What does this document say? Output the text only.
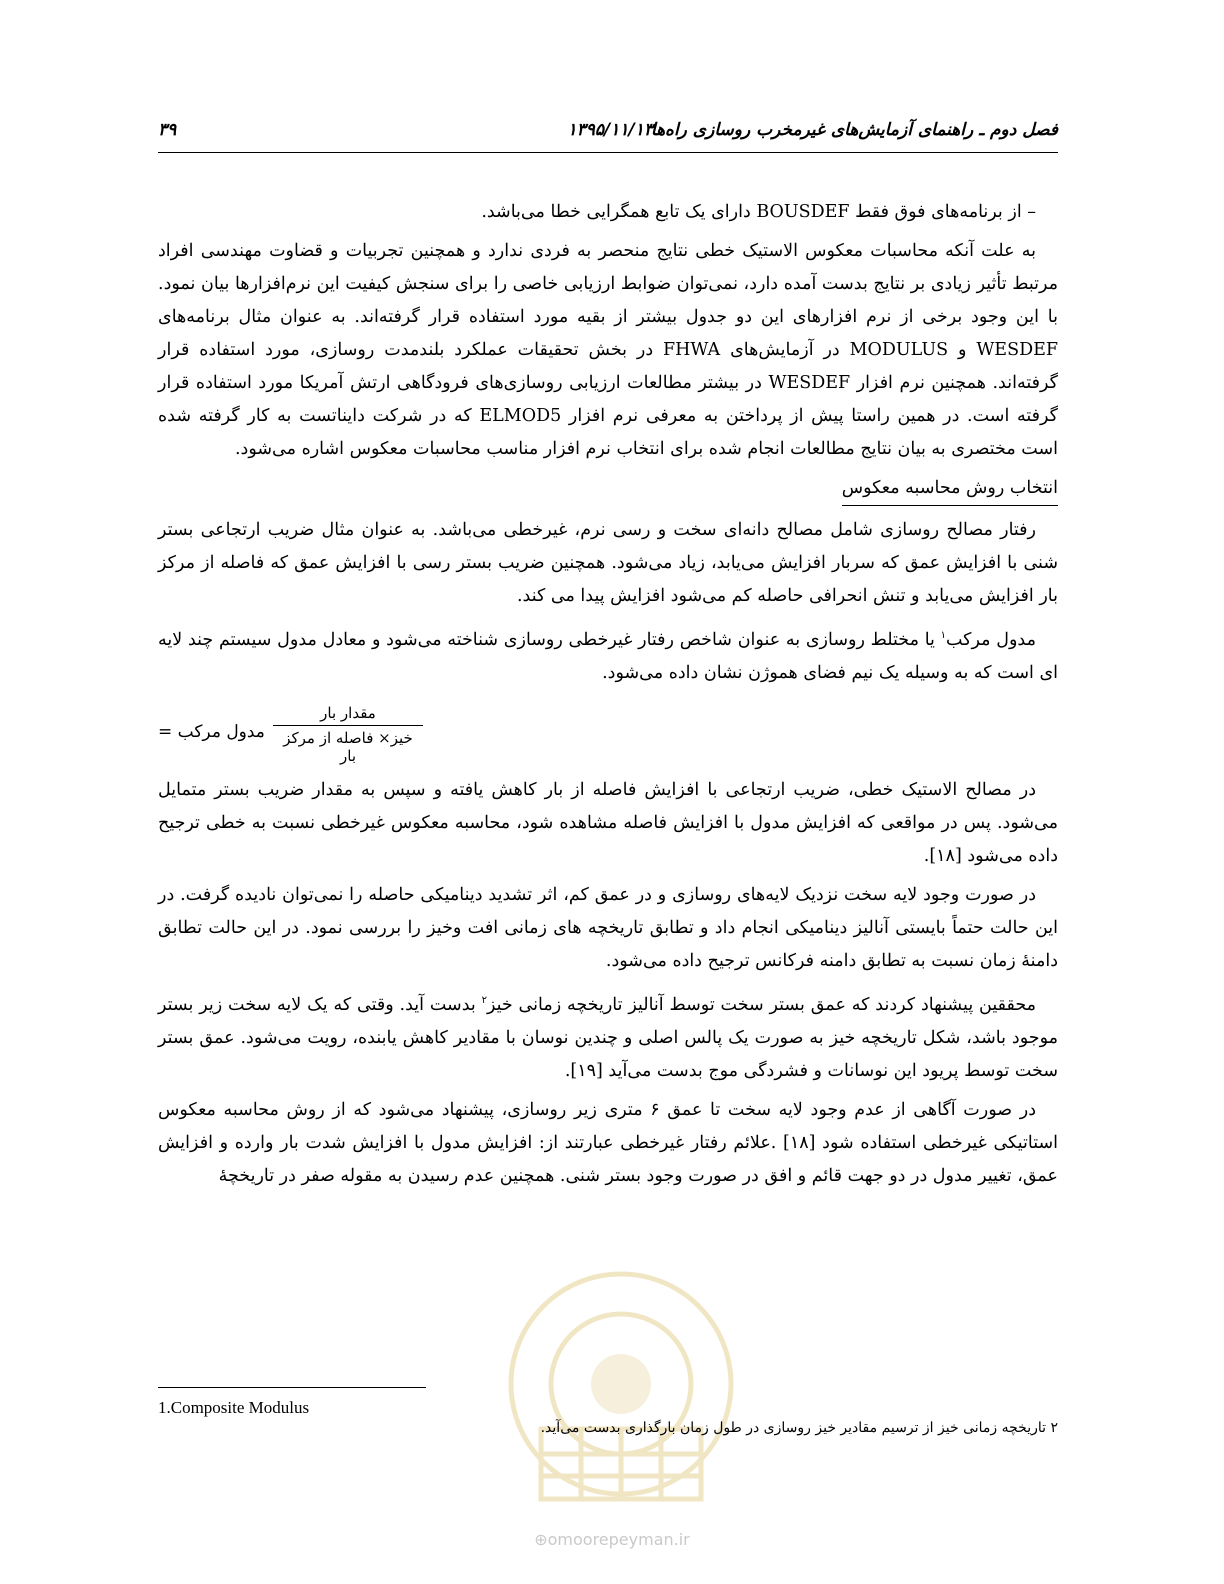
فصل دوم ـ راهنمای آزمایش‌های غیرمخرب روسازی راه‌ها
۱۳۹۵/۱۱/۱۳
۳۹

– از برنامه‌های فوق فقط BOUSDEF دارای یک تابع همگرایی خطا می‌باشد.

به علت آنکه محاسبات معکوس الاستیک خطی نتایج منحصر به فردی ندارد و همچنین تجربیات و قضاوت مهندسی افراد مرتبط تأثیر زیادی بر نتایج بدست آمده دارد، نمی‌توان ضوابط ارزیابی خاصی را برای سنجش کیفیت این نرم‌افزارها بیان نمود. با این وجود برخی از نرم افزارهای این دو جدول بیشتر از بقیه مورد استفاده قرار گرفته‌اند. به عنوان مثال برنامه‌های WESDEF و MODULUS در آزمایش‌های FHWA در بخش تحقیقات عملکرد بلندمدت روسازی، مورد استفاده قرار گرفته‌اند. همچنین نرم افزار WESDEF در بیشتر مطالعات ارزیابی روسازی‌های فرودگاهی ارتش آمریکا مورد استفاده قرار گرفته است. در همین راستا پیش از پرداختن به معرفی نرم افزار ELMOD5 که در شرکت دایناتست به کار گرفته شده است مختصری به بیان نتایج مطالعات انجام شده برای انتخاب نرم افزار مناسب محاسبات معکوس اشاره می‌شود.

انتخاب روش محاسبه معکوس

رفتار مصالح روسازی شامل مصالح دانه‌ای سخت و رسی نرم، غیرخطی می‌باشد. به عنوان مثال ضریب ارتجاعی بستر شنی با افزایش عمق که سربار افزایش می‌یابد، زیاد می‌شود. همچنین ضریب بستر رسی با افزایش عمق که فاصله از مرکز بار افزایش می‌یابد و تنش انحرافی حاصله کم می‌شود افزایش پیدا می کند.

مدول مرکب$^۱$ یا مختلط روسازی به عنوان شاخص رفتار غیرخطی روسازی شناخته می‌شود و معادل مدول سیستم چند لایه ای است که به وسیله یک نیم فضای هموژن نشان داده می‌شود.

مدول مرکب =
مقدار بار
خیز× فاصله از مرکز بار

در مصالح الاستیک خطی، ضریب ارتجاعی با افزایش فاصله از بار کاهش یافته و سپس به مقدار ضریب بستر متمایل می‌شود. پس در مواقعی که افزایش مدول با افزایش فاصله مشاهده شود، محاسبه معکوس غیرخطی نسبت به خطی ترجیح داده می‌شود [۱۸].

در صورت وجود لایه سخت نزدیک لایه‌های روسازی و در عمق کم، اثر تشدید دینامیکی حاصله را نمی‌توان نادیده گرفت. در این حالت حتماً بایستی آنالیز دینامیکی انجام داد و تطابق تاریخچه های زمانی افت وخیز را بررسی نمود. در این حالت تطابق دامنهٔ زمان نسبت به تطابق دامنه فرکانس ترجیح داده می‌شود.

محققین پیشنهاد کردند که عمق بستر سخت توسط آنالیز تاریخچه زمانی خیز$^۲$ بدست آید. وقتی که یک لایه سخت زیر بستر موجود باشد، شکل تاریخچه خیز به صورت یک پالس اصلی و چندین نوسان با مقادیر کاهش یابنده، رویت می‌شود. عمق بستر سخت توسط پریود این نوسانات و فشردگی موج بدست می‌آید [۱۹].

در صورت آگاهی از عدم وجود لایه سخت تا عمق ۶ متری زیر روسازی، پیشنهاد می‌شود که از روش محاسبه معکوس استاتیکی غیرخطی استفاده شود [۱۸] .علائم رفتار غیرخطی عبارتند از: افزایش مدول با افزایش شدت بار وارده و افزایش عمق، تغییر مدول در دو جهت قائم و افق در صورت وجود بستر شنی. همچنین عدم رسیدن به مقوله صفر در تاریخچهٔ

1.Composite Modulus
۲ تاریخچه زمانی خیز از ترسیم مقادیر خیز روسازی در طول زمان بارگذاری بدست می‌آید.
⊕omoorepeyman.ir
